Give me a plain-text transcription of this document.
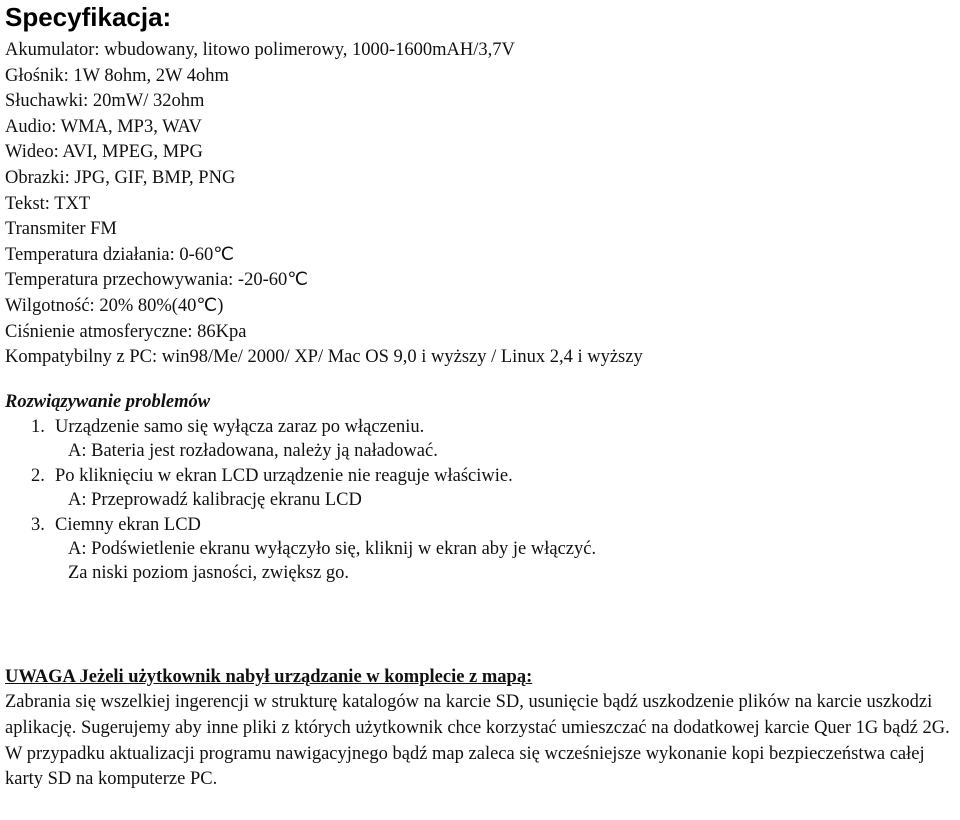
Specyfikacja:
Akumulator: wbudowany, litowo polimerowy, 1000-1600mAH/3,7V
Głośnik: 1W 8ohm, 2W 4ohm
Słuchawki: 20mW/ 32ohm
Audio: WMA, MP3, WAV
Wideo: AVI, MPEG, MPG
Obrazki: JPG, GIF, BMP, PNG
Tekst: TXT
Transmiter FM
Temperatura działania: 0-60℃
Temperatura przechowywania: -20-60℃
Wilgotność: 20% 80%(40℃)
Ciśnienie atmosferyczne: 86Kpa
Kompatybilny z PC: win98/Me/ 2000/ XP/ Mac OS 9,0 i wyższy / Linux 2,4 i wyższy
Rozwiązywanie problemów
1. Urządzenie samo się wyłącza zaraz po włączeniu.
A: Bateria jest rozładowana, należy ją naładować.
2. Po kliknięciu w ekran LCD urządzenie nie reaguje właściwie.
A: Przeprowadź kalibrację ekranu LCD
3. Ciemny ekran LCD
A: Podświetlenie ekranu wyłączyło się, kliknij w ekran aby je włączyć.
Za niski poziom jasności, zwiększ go.
UWAGA Jeżeli użytkownik nabył urządzanie w komplecie z mapą:

Zabrania się wszelkiej ingerencji w strukturę katalogów na karcie SD, usunięcie bądź uszkodzenie plików na karcie uszkodzi aplikację. Sugerujemy aby inne pliki z których użytkownik chce korzystać umieszczać na dodatkowej karcie Quer 1G bądź 2G.

W przypadku aktualizacji programu nawigacyjnego bądź map zaleca się wcześniejsze wykonanie kopi bezpieczeństwa całej karty SD na komputerze PC.
